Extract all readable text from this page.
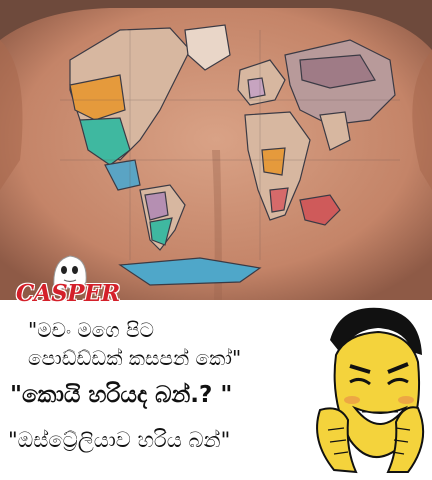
CASPER
"මචං මගෙ පිට
පොඩ්ඩ්ඩක් කසපන් කෝ"
"කොයි හරියද බන්.? "
"ඔස්ට්‍රේලියාව හරිය බන්"
